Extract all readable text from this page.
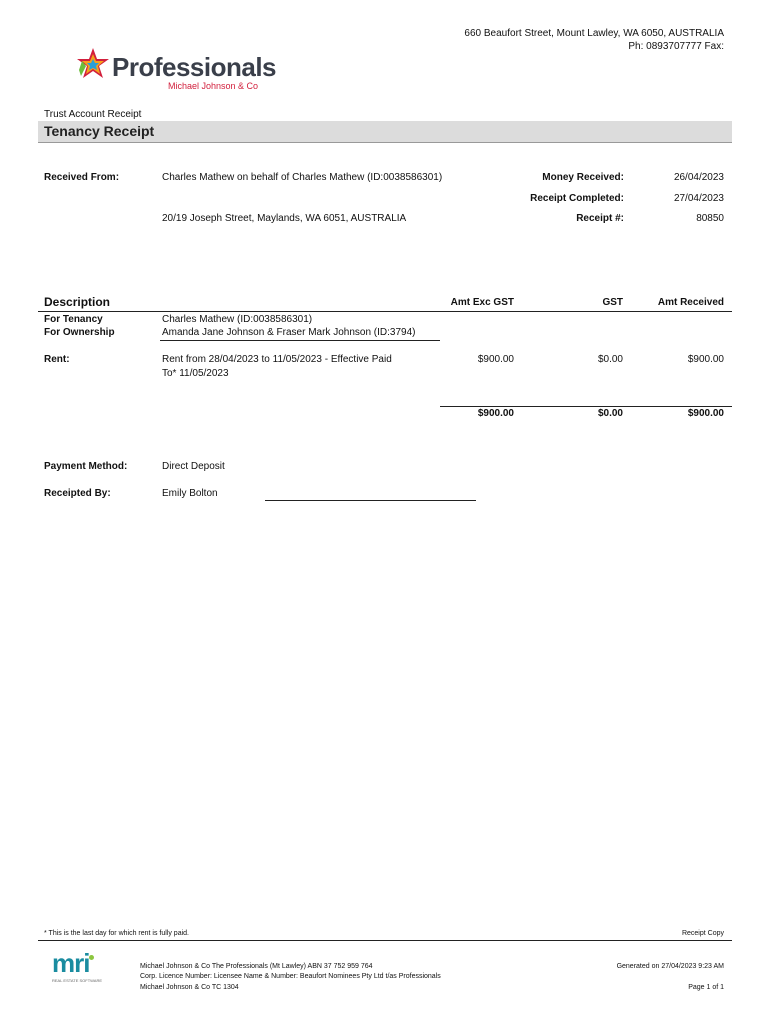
660 Beaufort Street, Mount Lawley, WA 6050, AUSTRALIA
Ph: 0893707777 Fax:
Professionals
Michael Johnson & Co
Trust Account Receipt
Tenancy Receipt
Received From:	Charles Mathew on behalf of Charles Mathew (ID:0038586301)
20/19 Joseph Street, Maylands, WA 6051, AUSTRALIA
Money Received:	26/04/2023
Receipt Completed:	27/04/2023
Receipt #:	80850
Description	Amt Exc GST	GST	Amt Received
For Tenancy	Charles Mathew (ID:0038586301)
For Ownership	Amanda Jane Johnson & Fraser Mark Johnson (ID:3794)
Rent:	Rent from 28/04/2023 to 11/05/2023 - Effective Paid
To* 11/05/2023
$900.00	$0.00	$900.00
$900.00	$0.00	$900.00
Payment Method:	Direct Deposit
Receipted By:	Emily Bolton
* This is the last day for which rent is fully paid.	Receipt Copy
mri
REAL ESTATE SOFTWARE
Michael Johnson & Co The Professionals (Mt Lawley) ABN 37 752 959 764
Corp. Licence Number: Licensee Name & Number: Beaufort Nominees Pty Ltd t/as Professionals
Michael Johnson & Co TC 1304
Generated on 27/04/2023 9:23 AM
Page 1 of 1
